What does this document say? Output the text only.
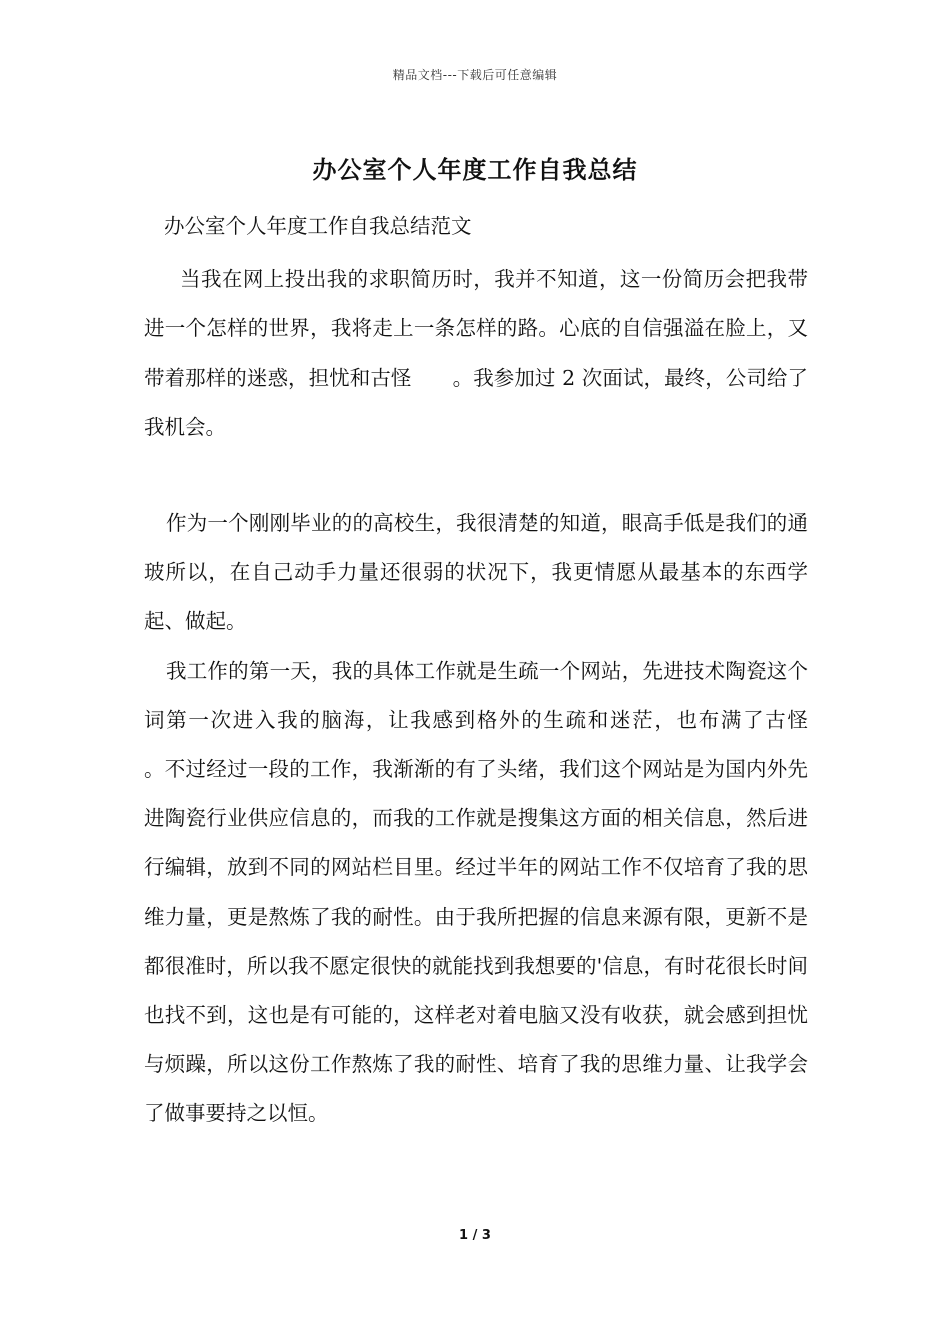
精品文档---下载后可任意编辑
办公室个人年度工作自我总结

办公室个人年度工作自我总结范文

当我在网上投出我的求职简历时，我并不知道，这一份简历会把我带进一个怎样的世界，我将走上一条怎样的路。心底的自信强溢在脸上，又带着那样的迷惑，担忧和古怪　　。我参加过 2 次面试，最终，公司给了我机会。

作为一个刚刚毕业的的高校生，我很清楚的知道，眼高手低是我们的通玻所以，在自己动手力量还很弱的状况下，我更情愿从最基本的东西学起、做起。

我工作的第一天，我的具体工作就是生疏一个网站，先进技术陶瓷这个词第一次进入我的脑海，让我感到格外的生疏和迷茫，也布满了古怪　　。不过经过一段的工作，我渐渐的有了头绪，我们这个网站是为国内外先进陶瓷行业供应信息的，而我的工作就是搜集这方面的相关信息，然后进行编辑，放到不同的网站栏目里。经过半年的网站工作不仅培育了我的思维力量，更是熬炼了我的耐性。由于我所把握的信息来源有限，更新不是都很准时，所以我不愿定很快的就能找到我想要的'信息，有时花很长时间也找不到，这也是有可能的，这样老对着电脑又没有收获，就会感到担忧与烦躁，所以这份工作熬炼了我的耐性、培育了我的思维力量、让我学会了做事要持之以恒。

1 / 3
